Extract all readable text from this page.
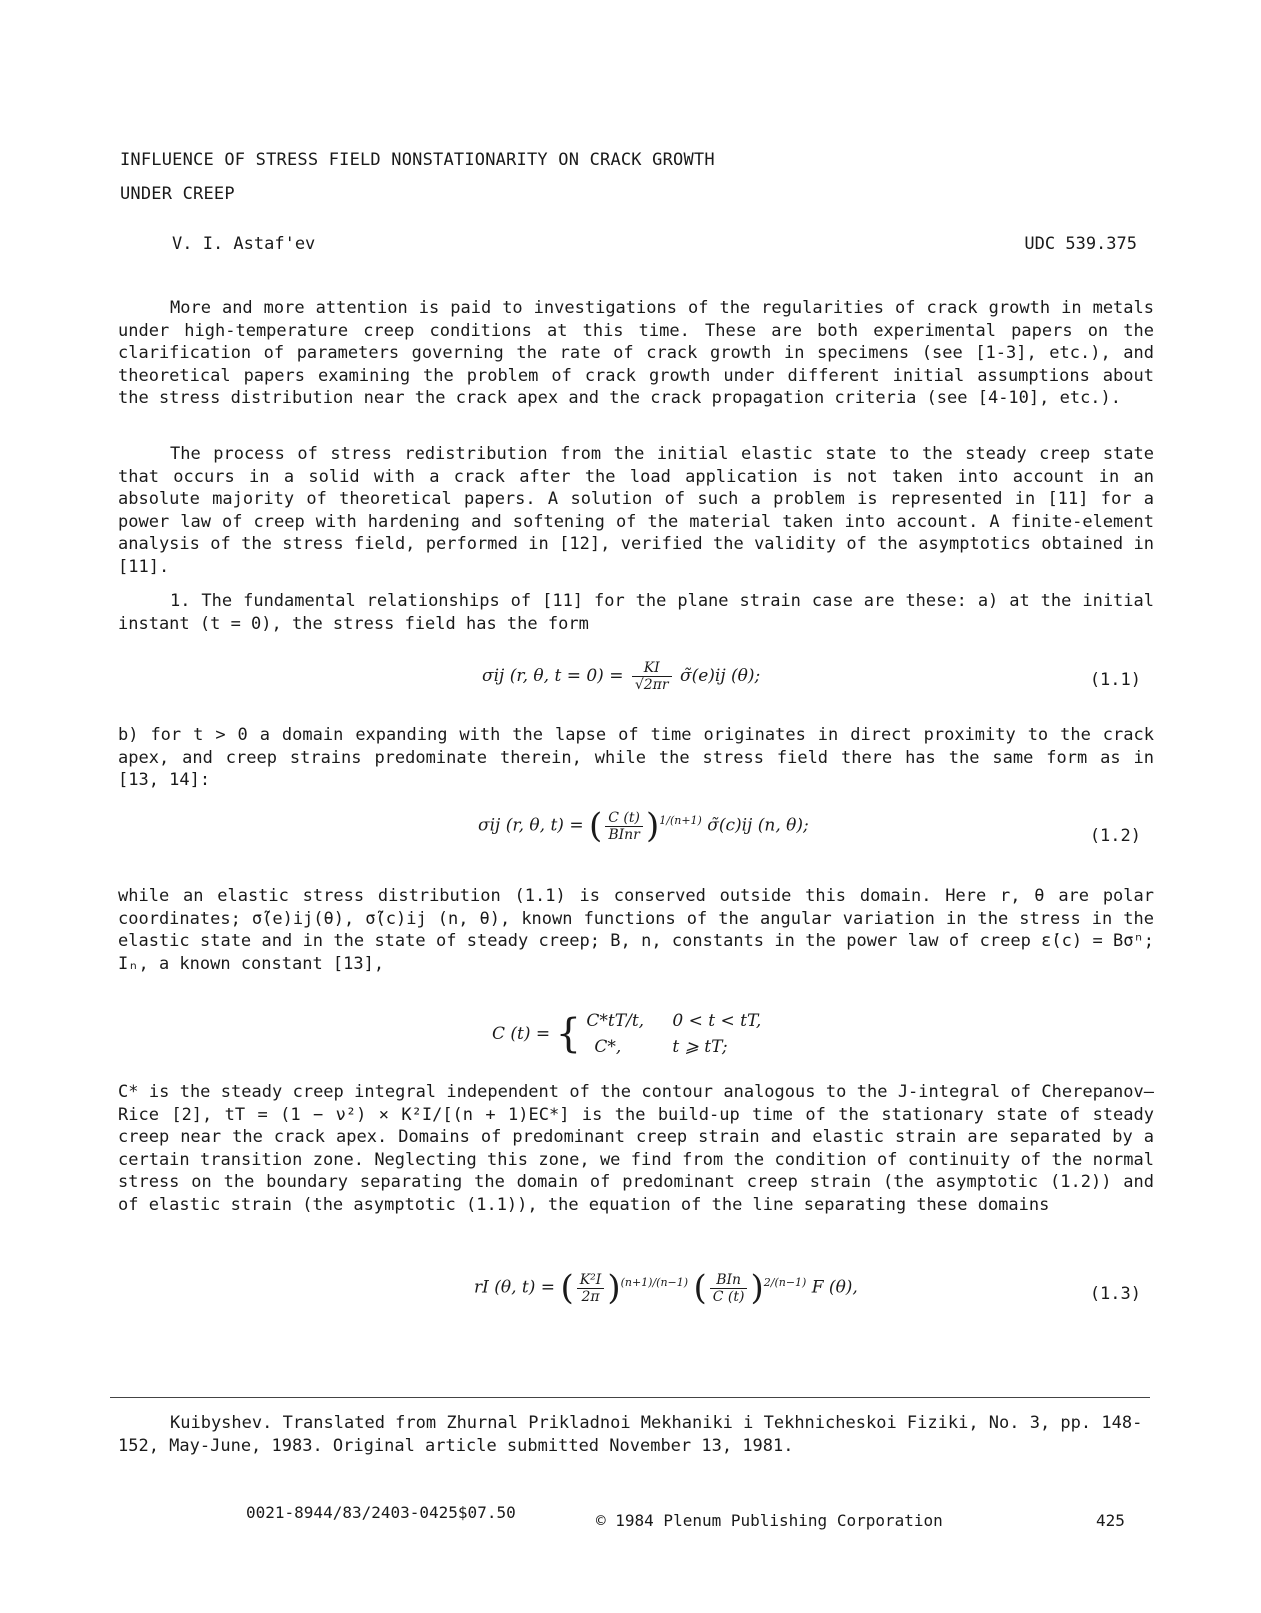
INFLUENCE OF STRESS FIELD NONSTATIONARITY ON CRACK GROWTH
UNDER CREEP
V. I. Astaf'ev	UDC 539.375

More and more attention is paid to investigations of the regularities of crack growth in metals under high-temperature creep conditions at this time. These are both experimental papers on the clarification of parameters governing the rate of crack growth in specimens (see [1-3], etc.), and theoretical papers examining the problem of crack growth under different initial assumptions about the stress distribution near the crack apex and the crack propagation criteria (see [4-10], etc.).

The process of stress redistribution from the initial elastic state to the steady creep state that occurs in a solid with a crack after the load application is not taken into account in an absolute majority of theoretical papers. A solution of such a problem is represented in [11] for a power law of creep with hardening and softening of the material taken into account. A finite-element analysis of the stress field, performed in [12], verified the validity of the asymptotics obtained in [11].

1. The fundamental relationships of [11] for the plane strain case are these: a) at the initial instant (t = 0), the stress field has the form

σij (r, θ, $t = 0) = \frac{KI}{√2\pi r}$ σ̃(e)ij (θ);	(1.1)

b) for t > 0 a domain expanding with the lapse of time originates in direct proximity to the crack apex, and creep strains predominate therein, while the stress field there has the same form as in [13, 14]:

σij (r, θ, t) = ( $\frac{C (t)}{\text{BInr}} )^{1/(n+1)}$ σ̃(c)ij (n, θ);
(1.2)

while an elastic stress distribution (1.1) is conserved outside this domain. Here r, θ are polar coordinates; σ̃(e)ij(θ), σ̃(c)ij (n, θ), known functions of the angular variation in the stress in the elastic state and in the state of steady creep; B, n, constants in the power law of creep ε̇(c) = Bσⁿ; Iₙ, a known constant [13],

C (t) = { C*tT/t, 0 < t < tT,
C*,	t ⩾ tT;

C* is the steady creep integral independent of the contour analogous to the J-integral of Cherepanov–Rice [2], tT = (1 − ν²) × K²I/[(n + 1)EC*] is the build-up time of the stationary state of steady creep near the crack apex. Domains of predominant creep strain and elastic strain are separated by a certain transition zone. Neglecting this zone, we find from the condition of continuity of the normal stress on the boundary separating the domain of predominant creep strain (the asymptotic (1.2)) and of elastic strain (the asymptotic (1.1)), the equation of the line separating these domains

rI (θ, t) = ( $\frac{\text{K²I}}{2\pi} )^{(n+1)/(n-1)}$ ( $\frac{\text{BIn}}{C (t)} )^{2/(n-1)}$ F (θ),	(1.3)

Kuibyshev. Translated from Zhurnal Prikladnoi Mekhaniki i Tekhnicheskoi Fiziki, No. 3, pp. 148-152, May-June, 1983. Original article submitted November 13, 1981.

0021-8944/83/2403-0425$07.50	© 1984 Plenum Publishing Corporation	425
